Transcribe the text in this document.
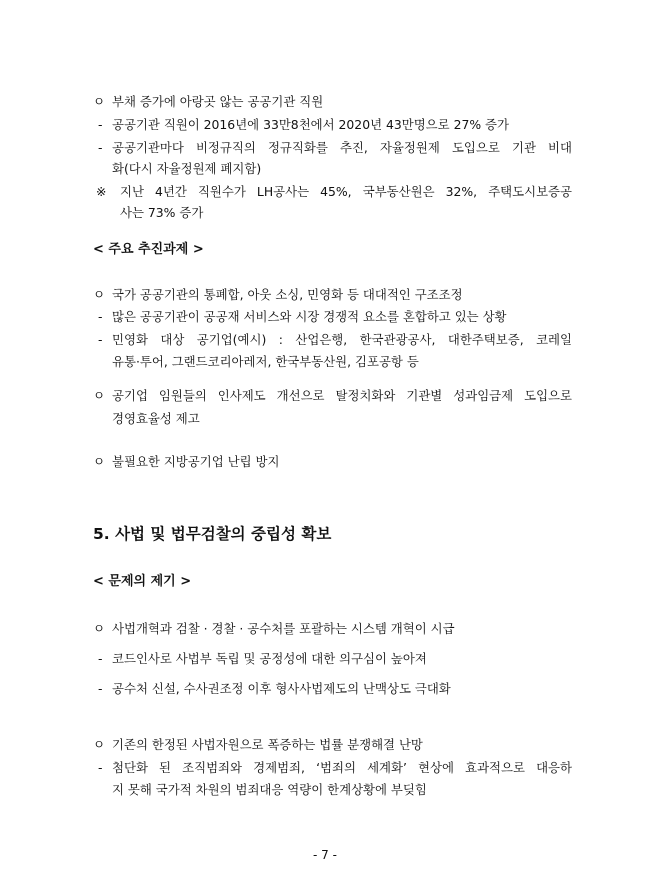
ㅇ 부채 증가에 아랑곳 않는 공공기관 직원
- 공공기관 직원이 2016년에 33만8천에서 2020년 43만명으로 27% 증가
- 공공기관마다 비정규직의 정규직화를 추진, 자율정원제 도입으로 기관 비대
화(다시 자율정원제 폐지함)
※ 지난 4년간 직원수가 LH공사는 45%, 국부동산원은 32%, 주택도시보증공
사는 73% 증가
< 주요 추진과제 >
ㅇ 국가 공공기관의 통폐합, 아웃 소싱, 민영화 등 대대적인 구조조정
- 많은 공공기관이 공공재 서비스와 시장 경쟁적 요소를 혼합하고 있는 상황
- 민영화 대상 공기업(예시) : 산업은행, 한국관광공사, 대한주택보증, 코레일
유통·투어, 그랜드코리아레저, 한국부동산원, 김포공항 등
ㅇ 공기업 임원들의 인사제도 개선으로 탈정치화와 기관별 성과임금제 도입으로
경영효율성 제고
ㅇ 불필요한 지방공기업 난립 방지
5. 사법 및 법무검찰의 중립성 확보
< 문제의 제기 >
ㅇ 사법개혁과 검찰 · 경찰 · 공수처를 포괄하는 시스템 개혁이 시급
- 코드인사로 사법부 독립 및 공정성에 대한 의구심이 높아져
- 공수처 신설, 수사권조정 이후 형사사법제도의 난맥상도 극대화
ㅇ 기존의 한정된 사법자원으로 폭증하는 법률 분쟁해결 난망
- 첨단화 된 조직범죄와 경제범죄, ‘범죄의 세계화’ 현상에 효과적으로 대응하
지 못해 국가적 차원의 범죄대응 역량이 한계상황에 부딪힘
- 7 -
